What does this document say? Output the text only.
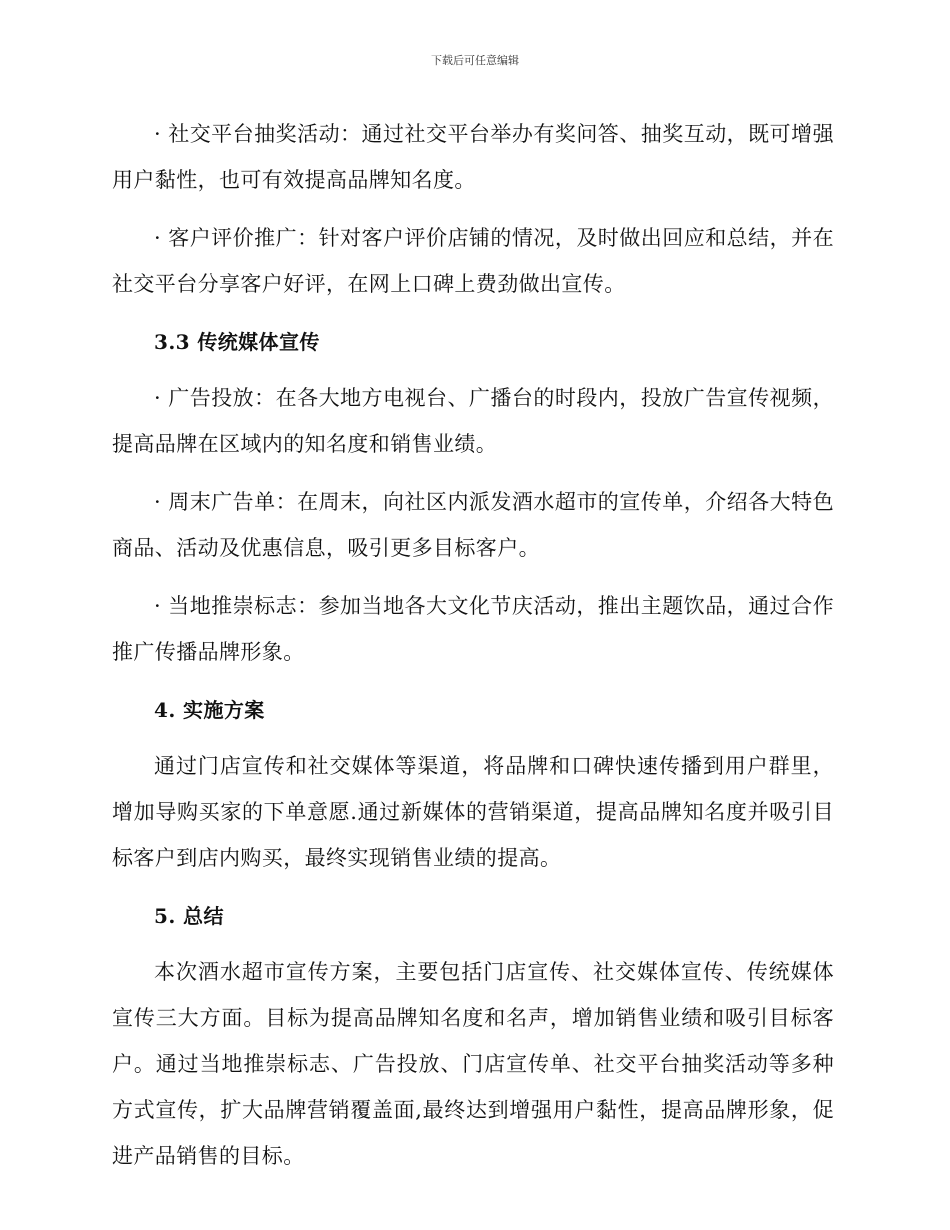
下载后可任意编辑

· 社交平台抽奖活动：通过社交平台举办有奖问答、抽奖互动，既可增强用户黏性，也可有效提高品牌知名度。

· 客户评价推广：针对客户评价店铺的情况，及时做出回应和总结，并在社交平台分享客户好评，在网上口碑上费劲做出宣传。

3.3 传统媒体宣传

· 广告投放：在各大地方电视台、广播台的时段内，投放广告宣传视频，提高品牌在区域内的知名度和销售业绩。

· 周末广告单：在周末，向社区内派发酒水超市的宣传单，介绍各大特色商品、活动及优惠信息，吸引更多目标客户。

· 当地推崇标志：参加当地各大文化节庆活动，推出主题饮品，通过合作推广传播品牌形象。

4. 实施方案

通过门店宣传和社交媒体等渠道，将品牌和口碑快速传播到用户群里，增加导购买家的下单意愿.通过新媒体的营销渠道，提高品牌知名度并吸引目标客户到店内购买，最终实现销售业绩的提高。

5. 总结

本次酒水超市宣传方案，主要包括门店宣传、社交媒体宣传、传统媒体宣传三大方面。目标为提高品牌知名度和名声，增加销售业绩和吸引目标客户。通过当地推崇标志、广告投放、门店宣传单、社交平台抽奖活动等多种方式宣传，扩大品牌营销覆盖面,最终达到增强用户黏性，提高品牌形象，促进产品销售的目标。
